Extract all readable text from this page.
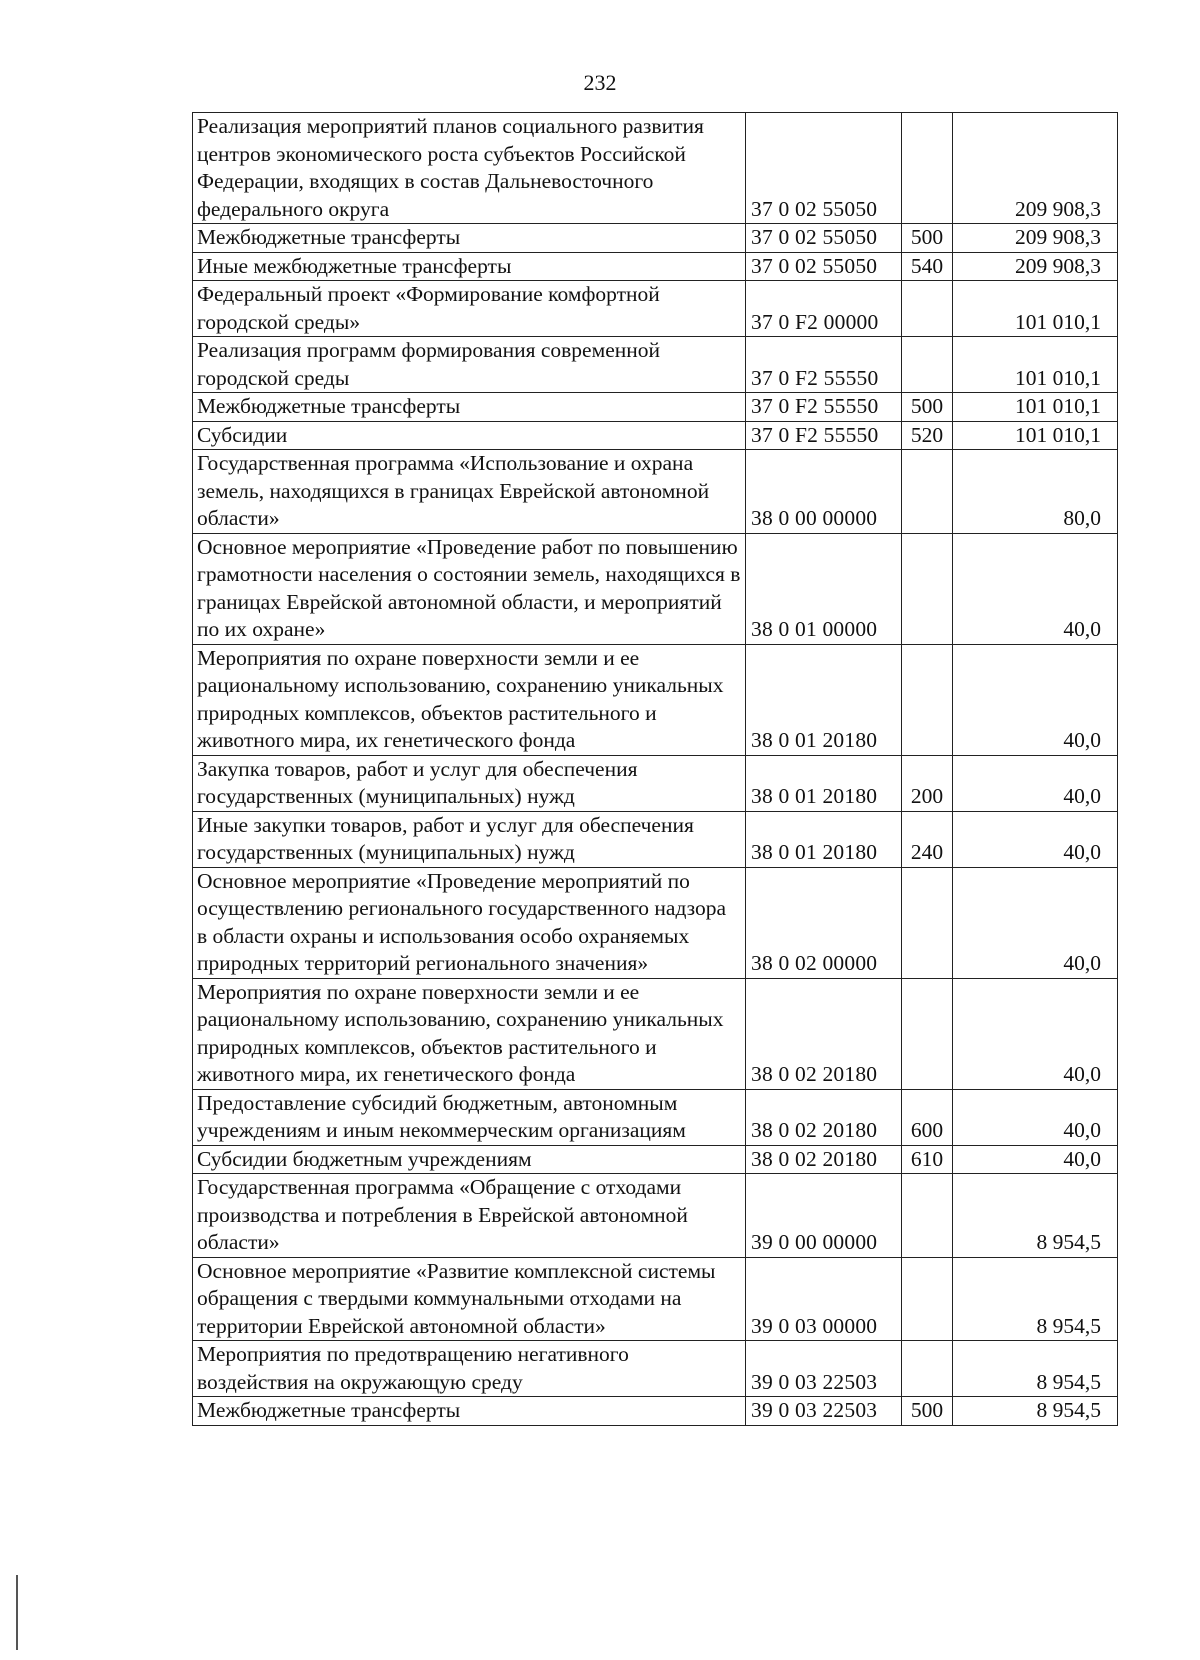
232
Реализация мероприятий планов социального развития центров экономического роста субъектов Российской Федерации, входящих в состав Дальневосточного федерального округа	37 0 02 55050		209 908,3
Межбюджетные трансферты	37 0 02 55050	500	209 908,3
Иные межбюджетные трансферты	37 0 02 55050	540	209 908,3
Федеральный проект «Формирование комфортной городской среды»	37 0 F2 00000		101 010,1
Реализация программ формирования современной городской среды	37 0 F2 55550		101 010,1
Межбюджетные трансферты	37 0 F2 55550	500	101 010,1
Субсидии	37 0 F2 55550	520	101 010,1
Государственная программа «Использование и охрана земель, находящихся в границах Еврейской автономной области»	38 0 00 00000		80,0
Основное мероприятие «Проведение работ по повышению грамотности населения о состоянии земель, находящихся в границах Еврейской автономной области, и мероприятий по их охране»	38 0 01 00000		40,0
Мероприятия по охране поверхности земли и ее рациональному использованию, сохранению уникальных природных комплексов, объектов растительного и животного мира, их генетического фонда	38 0 01 20180		40,0
Закупка товаров, работ и услуг для обеспечения государственных (муниципальных) нужд	38 0 01 20180	200	40,0
Иные закупки товаров, работ и услуг для обеспечения государственных (муниципальных) нужд	38 0 01 20180	240	40,0
Основное мероприятие «Проведение мероприятий по осуществлению регионального государственного надзора в области охраны и использования особо охраняемых природных территорий регионального значения»	38 0 02 00000		40,0
Мероприятия по охране поверхности земли и ее рациональному использованию, сохранению уникальных природных комплексов, объектов растительного и животного мира, их генетического фонда	38 0 02 20180		40,0
Предоставление субсидий бюджетным, автономным учреждениям и иным некоммерческим организациям	38 0 02 20180	600	40,0
Субсидии бюджетным учреждениям	38 0 02 20180	610	40,0
Государственная программа «Обращение с отходами производства и потребления в Еврейской автономной области»	39 0 00 00000		8 954,5
Основное мероприятие «Развитие комплексной системы обращения с твердыми коммунальными отходами на территории Еврейской автономной области»	39 0 03 00000		8 954,5
Мероприятия по предотвращению негативного воздействия на окружающую среду	39 0 03 22503		8 954,5
Межбюджетные трансферты	39 0 03 22503	500	8 954,5
